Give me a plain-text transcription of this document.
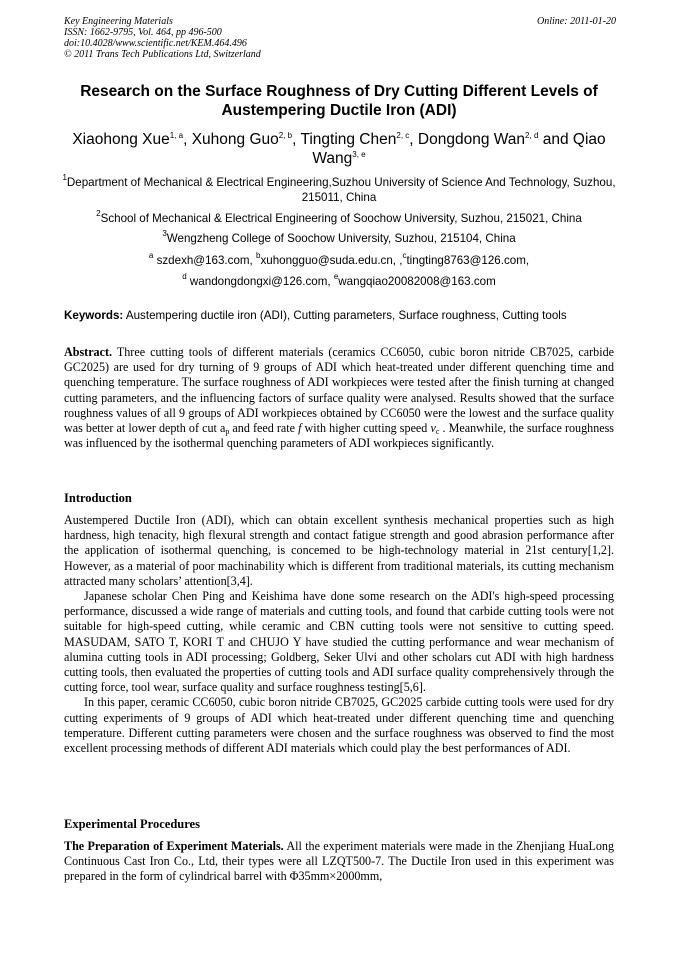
Key Engineering Materials
ISSN: 1662-9795, Vol. 464, pp 496-500
doi:10.4028/www.scientific.net/KEM.464.496
© 2011 Trans Tech Publications Ltd, Switzerland
Online: 2011-01-20
Research on the Surface Roughness of Dry Cutting Different Levels of Austempering Ductile Iron (ADI)
Xiaohong Xue$^{1, a}$, Xuhong Guo$^{2, b}$, Tingting Chen$^{2, c}$, Dongdong Wan$^{2, d}$ and Qiao Wang$^{3, e}$
$^1$Department of Mechanical & Electrical Engineering,Suzhou University of Science And Technology, Suzhou, 215011, China
$^2$School of Mechanical & Electrical Engineering of Soochow University, Suzhou, 215021, China
$^3$Wengzheng College of Soochow University, Suzhou, 215104, China
$^a$ szdexh@163.com, $^b$xuhongguo@suda.edu.cn, ,$^c$tingting8763@126.com,
$^d$ wandongdongxi@126.com, $^e$wangqiao20082008@163.com
Keywords: Austempering ductile iron (ADI), Cutting parameters, Surface roughness, Cutting tools

Abstract. Three cutting tools of different materials (ceramics CC6050, cubic boron nitride CB7025, carbide GC2025) are used for dry turning of 9 groups of ADI which heat-treated under different quenching time and quenching temperature. The surface roughness of ADI workpieces were tested after the finish turning at changed cutting parameters, and the influencing factors of surface quality were analysed. Results showed that the surface roughness values of all 9 groups of ADI workpieces obtained by CC6050 were the lowest and the surface quality was better at lower depth of cut $a_p$ and feed rate f with higher cutting speed $v_c$ . Meanwhile, the surface roughness was influenced by the isothermal quenching parameters of ADI workpieces significantly.

Introduction

Austempered Ductile Iron (ADI), which can obtain excellent synthesis mechanical properties such as high hardness, high tenacity, high flexural strength and contact fatigue strength and good abrasion performance after the application of isothermal quenching, is concemed to be high-technology material in 21st century[1,2]. However, as a material of poor machinability which is different from traditional materials, its cutting mechanism attracted many scholars’ attention[3,4].

Japanese scholar Chen Ping and Keishima have done some research on the ADI's high-speed processing performance, discussed a wide range of materials and cutting tools, and found that carbide cutting tools were not suitable for high-speed cutting, while ceramic and CBN cutting tools were not sensitive to cutting speed. MASUDAM, SATO T, KORI T and CHUJO Y have studied the cutting performance and wear mechanism of alumina cutting tools in ADI processing; Goldberg, Seker Ulvi and other scholars cut ADI with high hardness cutting tools, then evaluated the properties of cutting tools and ADI surface quality comprehensively through the cutting force, tool wear, surface quality and surface roughness testing[5,6].

In this paper, ceramic CC6050, cubic boron nitride CB7025, GC2025 carbide cutting tools were used for dry cutting experiments of 9 groups of ADI which heat-treated under different quenching time and quenching temperature. Different cutting parameters were chosen and the surface roughness was observed to find the most excellent processing methods of different ADI materials which could play the best performances of ADI.

Experimental Procedures

The Preparation of Experiment Materials. All the experiment materials were made in the Zhenjiang HuaLong Continuous Cast Iron Co., Ltd, their types were all LZQT500-7. The Ductile Iron used in this experiment was prepared in the form of cylindrical barrel with Φ35mm×2000mm,
